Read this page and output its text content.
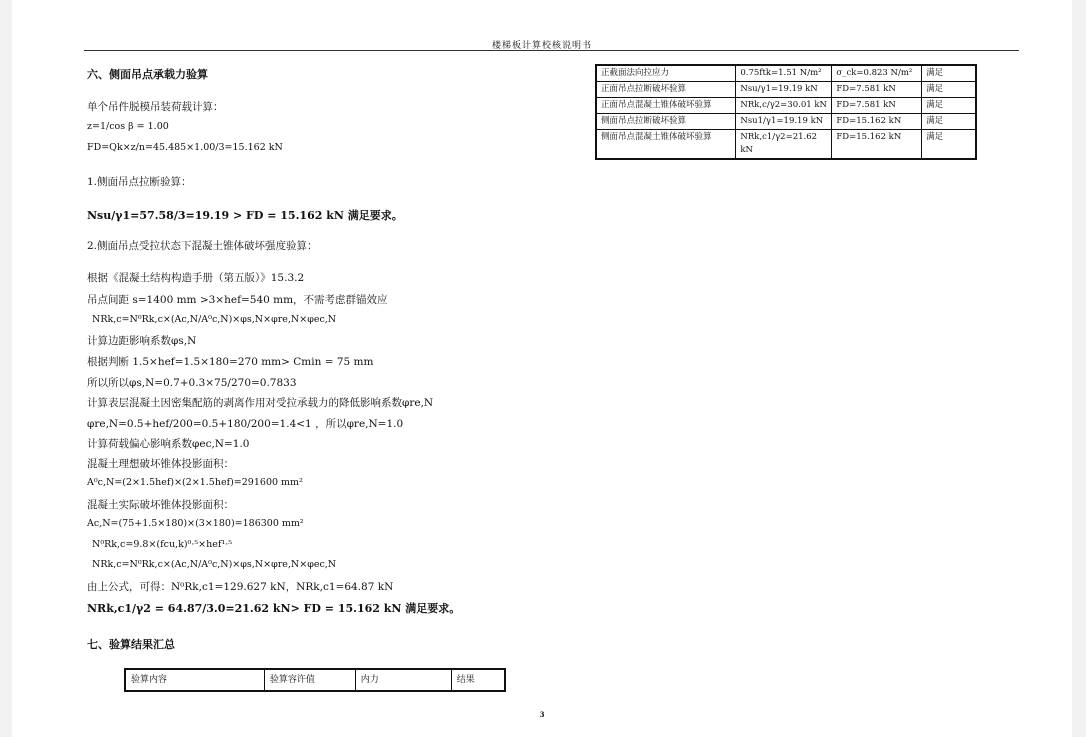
楼梯板计算校核说明书
六、侧面吊点承载力验算
单个吊件脱模吊装荷载计算：
z=1/cos β = 1.00
FD=Qk×z/n=45.485×1.00/3=15.162 kN
1.侧面吊点拉断验算：
Nsu/γ1=57.58/3=19.19 > FD = 15.162 kN 满足要求。
2.侧面吊点受拉状态下混凝土锥体破坏强度验算：
根据《混凝土结构构造手册（第五版）》15.3.2
吊点间距 s=1400 mm >3×hef=540 mm，不需考虑群锚效应
NRk,c=N⁰Rk,c×(Ac,N/A⁰c,N)×φs,N×φre,N×φec,N
计算边距影响系数φs,N
根据判断 1.5×hef=1.5×180=270 mm> Cmin = 75 mm
所以所以φs,N=0.7+0.3×75/270=0.7833
计算表层混凝土因密集配筋的剥离作用对受拉承载力的降低影响系数φre,N
φre,N=0.5+hef/200=0.5+180/200=1.4<1 ，所以φre,N=1.0
计算荷载偏心影响系数φec,N=1.0
混凝土理想破坏锥体投影面积：
A⁰c,N=(2×1.5hef)×(2×1.5hef)=291600 mm²
混凝土实际破坏锥体投影面积：
Ac,N=(75+1.5×180)×(3×180)=186300 mm²
N⁰Rk,c=9.8×(fcu,k)⁰·⁵×hef¹·⁵
NRk,c=N⁰Rk,c×(Ac,N/A⁰c,N)×φs,N×φre,N×φec,N
由上公式，可得：N⁰Rk,c1=129.627 kN，NRk,c1=64.87 kN
NRk,c1/γ2 = 64.87/3.0=21.62 kN> FD = 15.162 kN 满足要求。
七、验算结果汇总
正截面法向拉应力	0.75ftk=1.51 N/m²	σ_ck=0.823 N/m²	满足
正面吊点拉断破坏验算	Nsu/γ1=19.19 kN	FD=7.581 kN	满足
正面吊点混凝土锥体破坏验算	NRk,c/γ2=30.01 kN	FD=7.581 kN	满足
侧面吊点拉断破坏验算	Nsu1/γ1=19.19 kN	FD=15.162 kN	满足
侧面吊点混凝土锥体破坏验算	NRk,c1/γ2=21.62 kN	FD=15.162 kN	满足
验算内容	验算容许值	内力	结果
3
